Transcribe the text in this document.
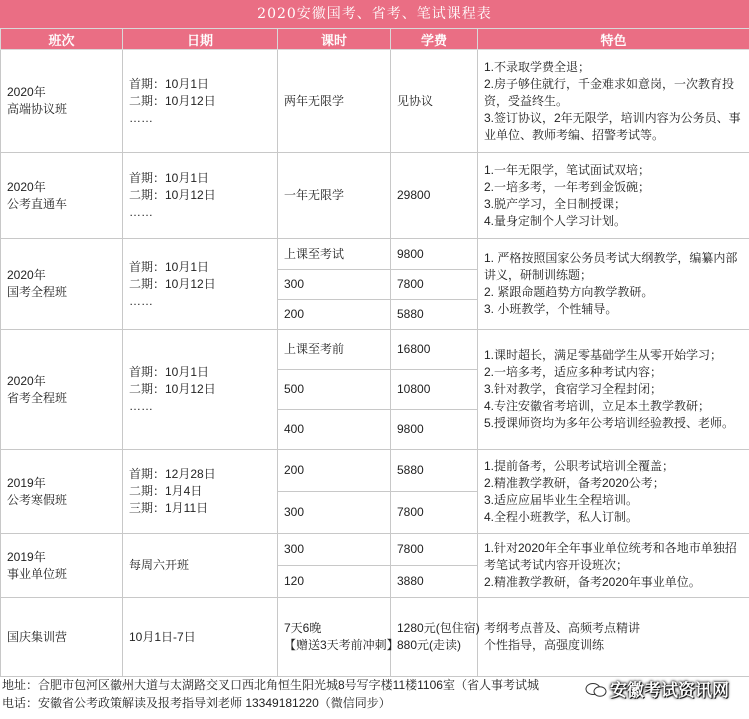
2020安徽国考、省考、笔试课程表
班次	日期	课时	学费	特色

2020年
高端协议班	首期：10月1日
二期：10月12日
……	两年无限学	见协议	1.不录取学费全退；
2.房子够住就行，千金难求如意岗，一次教育投资，受益终生。
3.签订协议，2年无限学，培训内容为公务员、事业单位、教师考编、招警考试等。

2020年
公考直通车	首期：10月1日
二期：10月12日
……	一年无限学	29800	1.一年无限学，笔试面试双培；
2.一培多考，一年考到金饭碗；
3.脱产学习，全日制授课；
4.量身定制个人学习计划。

2020年
国考全程班	首期：10月1日
二期：10月12日
……	上课至考试	9800	1. 严格按照国家公务员考试大纲教学，编纂内部讲义，研制训练题；
2. 紧跟命题趋势方向教学教研。
3. 小班教学，个性辅导。

		300	7800	

		200	5880	

2020年
省考全程班	首期：10月1日
二期：10月12日
……	上课至考前	16800	1.课时超长，满足零基础学生从零开始学习；
2.一培多考，适应多种考试内容；
3.针对教学，食宿学习全程封闭；
4.专注安徽省考培训，立足本土教学教研；
5.授课师资均为多年公考培训经验教授、老师。

		500	10800	

		400	9800	

2019年
公考寒假班	首期：12月28日
二期：1月4日
三期：1月11日	200	5880	1.提前备考，公职考试培训全覆盖；
2.精准教学教研，备考2020公考；
3.适应应届毕业生全程培训。
4.全程小班教学，私人订制。

		300	7800	

2019年
事业单位班	每周六开班	300	7800	1.针对2020年全年事业单位统考和各地市单独招考笔试考试内容开设班次；
2.精准教学教研，备考2020年事业单位。

		120	3880	

国庆集训营	10月1日-7日	7天6晚
【赠送3天考前冲刺】	1280元(包住宿)
880元(走读)	考纲考点普及、高频考点精讲
个性指导，高强度训练
地址：合肥市包河区徽州大道与太湖路交叉口西北角恒生阳光城8号写字楼11楼1106室（省人事考试城
电话：安徽省公考政策解读及报考指导刘老师 13349181220（微信同步）
安徽考试资讯网
